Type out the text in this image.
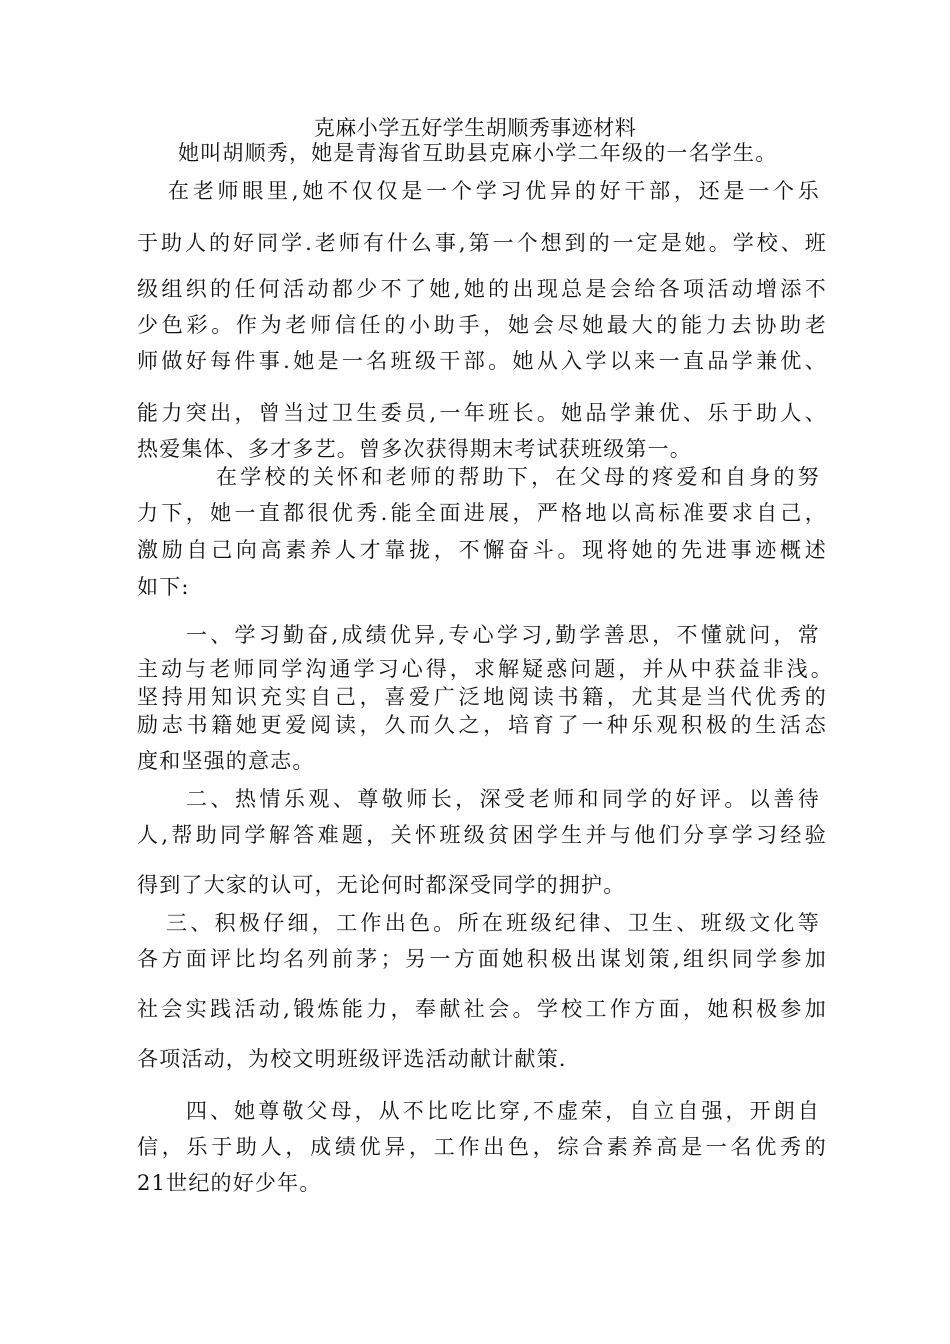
克麻小学五好学生胡顺秀事迹材料
她叫胡顺秀，她是青海省互助县克麻小学二年级的一名学生。
在老师眼里,她不仅仅是一个学习优异的好干部，还是一个乐
于助人的好同学.老师有什么事,第一个想到的一定是她。学校、班
级组织的任何活动都少不了她,她的出现总是会给各项活动增添不
少色彩。作为老师信任的小助手，她会尽她最大的能力去协助老
师做好每件事.她是一名班级干部。她从入学以来一直品学兼优、
能力突出，曾当过卫生委员,一年班长。她品学兼优、乐于助人、
热爱集体、多才多艺。曾多次获得期末考试获班级第一。
在学校的关怀和老师的帮助下，在父母的疼爱和自身的努
力下，她一直都很优秀.能全面进展，严格地以高标准要求自己，
激励自己向高素养人才靠拢，不懈奋斗。现将她的先进事迹概述
如下:
一、学习勤奋,成绩优异,专心学习,勤学善思，不懂就问，常
主动与老师同学沟通学习心得，求解疑惑问题，并从中获益非浅。
坚持用知识充实自己，喜爱广泛地阅读书籍，尤其是当代优秀的
励志书籍她更爱阅读，久而久之，培育了一种乐观积极的生活态
度和坚强的意志。
二、热情乐观、尊敬师长，深受老师和同学的好评。以善待
人,帮助同学解答难题，关怀班级贫困学生并与他们分享学习经验
得到了大家的认可，无论何时都深受同学的拥护。
三、积极仔细，工作出色。所在班级纪律、卫生、班级文化等
各方面评比均名列前茅；另一方面她积极出谋划策,组织同学参加
社会实践活动,锻炼能力，奉献社会。学校工作方面，她积极参加
各项活动，为校文明班级评选活动献计献策.
四、她尊敬父母，从不比吃比穿,不虚荣，自立自强，开朗自
信，乐于助人，成绩优异，工作出色，综合素养高是一名优秀的
21世纪的好少年。
